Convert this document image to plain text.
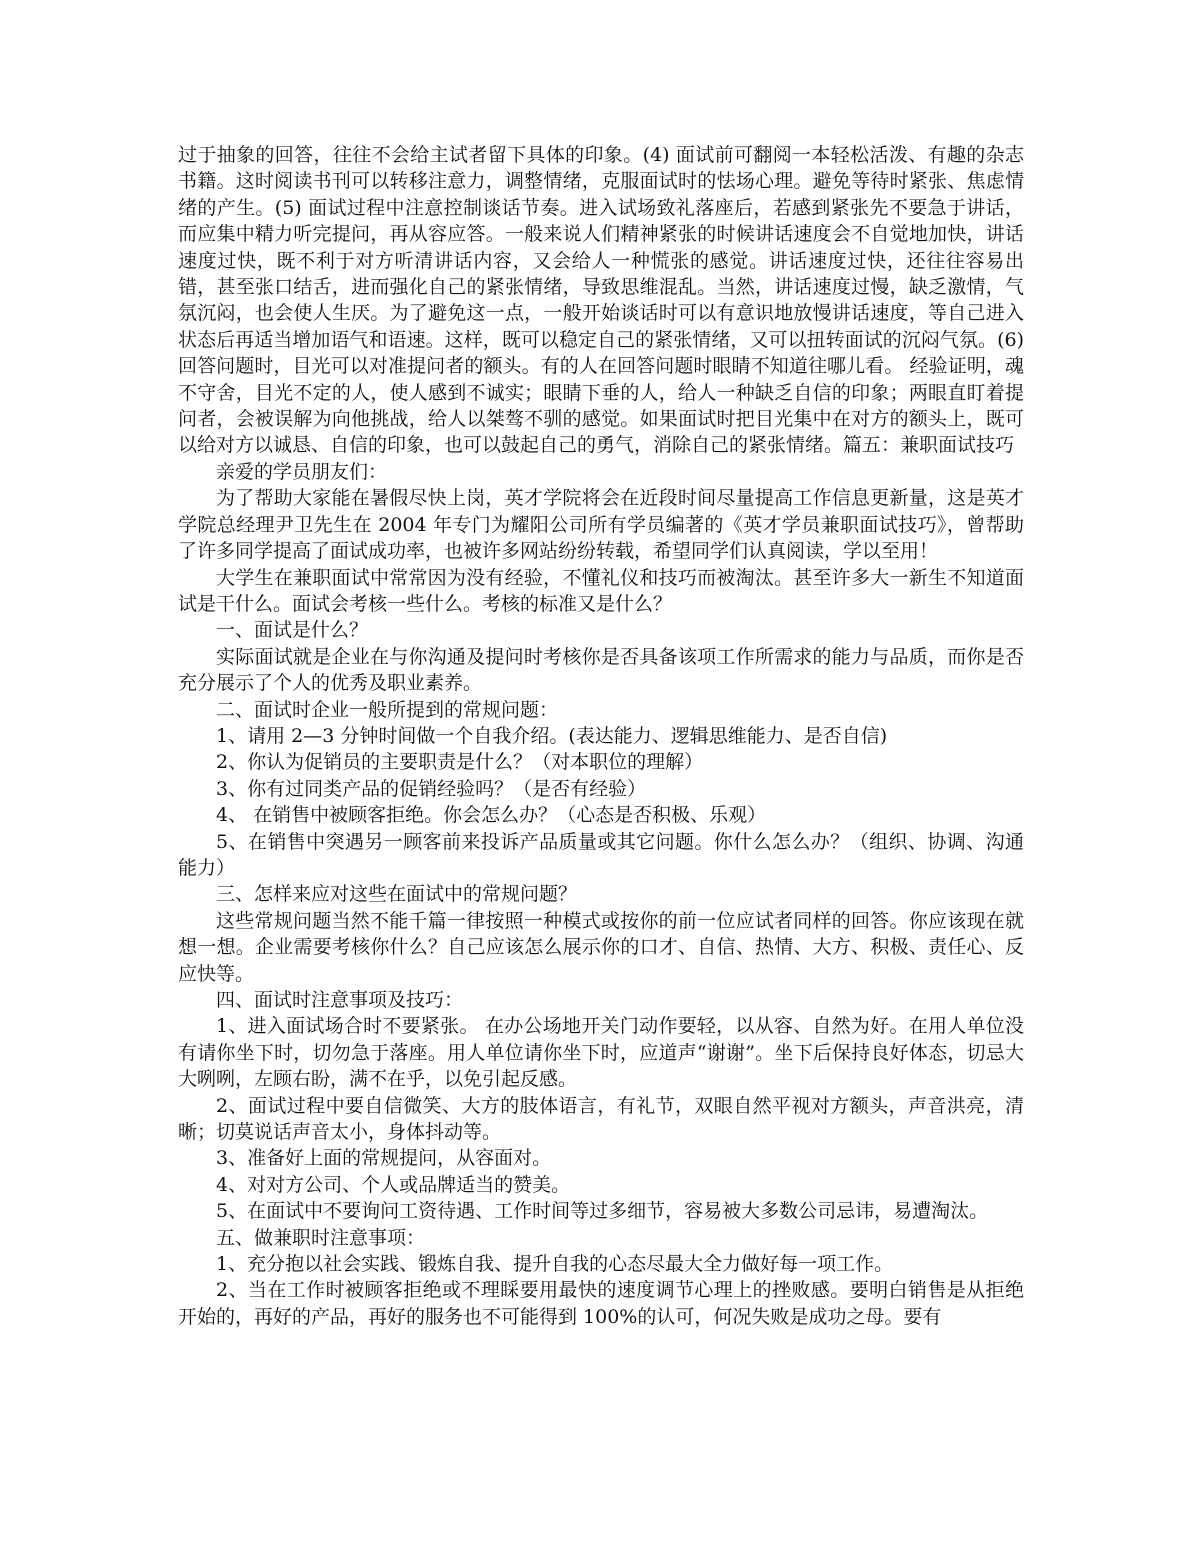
过于抽象的回答，往往不会给主试者留下具体的印象。(4) 面试前可翻阅一本轻松活泼、有趣的杂志书籍。这时阅读书刊可以转移注意力，调整情绪，克服面试时的怯场心理。避免等待时紧张、焦虑情绪的产生。(5) 面试过程中注意控制谈话节奏。进入试场致礼落座后，若感到紧张先不要急于讲话，而应集中精力听完提问，再从容应答。一般来说人们精神紧张的时候讲话速度会不自觉地加快，讲话速度过快，既不利于对方听清讲话内容，又会给人一种慌张的感觉。讲话速度过快，还往往容易出错，甚至张口结舌，进而强化自己的紧张情绪，导致思维混乱。当然，讲话速度过慢，缺乏激情，气氛沉闷，也会使人生厌。为了避免这一点，一般开始谈话时可以有意识地放慢讲话速度，等自己进入状态后再适当增加语气和语速。这样，既可以稳定自己的紧张情绪，又可以扭转面试的沉闷气氛。(6) 回答问题时，目光可以对准提问者的额头。有的人在回答问题时眼睛不知道往哪儿看。 经验证明，魂不守舍，目光不定的人，使人感到不诚实；眼睛下垂的人，给人一种缺乏自信的印象；两眼直盯着提问者，会被误解为向他挑战，给人以桀骜不驯的感觉。如果面试时把目光集中在对方的额头上，既可以给对方以诚恳、自信的印象，也可以鼓起自己的勇气，消除自己的紧张情绪。篇五：兼职面试技巧

亲爱的学员朋友们：

为了帮助大家能在暑假尽快上岗，英才学院将会在近段时间尽量提高工作信息更新量，这是英才学院总经理尹卫先生在 2004 年专门为耀阳公司所有学员编著的《英才学员兼职面试技巧》，曾帮助了许多同学提高了面试成功率，也被许多网站纷纷转载，希望同学们认真阅读，学以至用！

大学生在兼职面试中常常因为没有经验，不懂礼仪和技巧而被淘汰。甚至许多大一新生不知道面试是干什么。面试会考核一些什么。考核的标准又是什么？

一、面试是什么？

实际面试就是企业在与你沟通及提问时考核你是否具备该项工作所需求的能力与品质，而你是否充分展示了个人的优秀及职业素养。

二、面试时企业一般所提到的常规问题：

1、请用 2—3 分钟时间做一个自我介绍。(表达能力、逻辑思维能力、是否自信)

2、你认为促销员的主要职责是什么？（对本职位的理解）

3、你有过同类产品的促销经验吗？（是否有经验）

4、 在销售中被顾客拒绝。你会怎么办？（心态是否积极、乐观）

5、在销售中突遇另一顾客前来投诉产品质量或其它问题。你什么怎么办？（组织、协调、沟通能力）

三、怎样来应对这些在面试中的常规问题？

这些常规问题当然不能千篇一律按照一种模式或按你的前一位应试者同样的回答。你应该现在就想一想。企业需要考核你什么？自己应该怎么展示你的口才、自信、热情、大方、积极、责任心、反应快等。

四、面试时注意事项及技巧：

1、进入面试场合时不要紧张。 在办公场地开关门动作要轻，以从容、自然为好。在用人单位没有请你坐下时，切勿急于落座。用人单位请你坐下时，应道声“谢谢”。坐下后保持良好体态，切忌大大咧咧，左顾右盼，满不在乎，以免引起反感。

2、面试过程中要自信微笑、大方的肢体语言，有礼节，双眼自然平视对方额头，声音洪亮，清晰；切莫说话声音太小，身体抖动等。

3、准备好上面的常规提问，从容面对。

4、对对方公司、个人或品牌适当的赞美。

5、在面试中不要询问工资待遇、工作时间等过多细节，容易被大多数公司忌讳，易遭淘汰。

五、做兼职时注意事项：

1、充分抱以社会实践、锻炼自我、提升自我的心态尽最大全力做好每一项工作。

2、当在工作时被顾客拒绝或不理睬要用最快的速度调节心理上的挫败感。要明白销售是从拒绝开始的，再好的产品，再好的服务也不可能得到 100%的认可，何况失败是成功之母。要有
